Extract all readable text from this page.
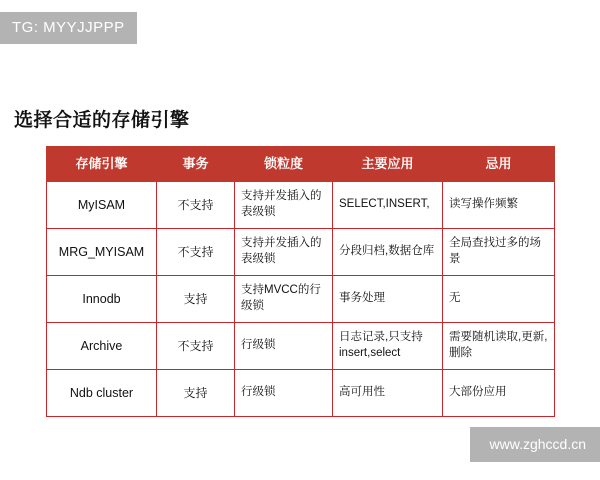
TG: MYYJJPPP
选择合适的存储引擎
存储引擎	事务	锁粒度	主要应用	忌用
MyISAM	不支持	支持并发插入的表级锁	SELECT,INSERT,	读写操作频繁
MRG_MYISAM	不支持	支持并发插入的表级锁	分段归档,数据仓库	全局查找过多的场景
Innodb	支持	支持MVCC的行级锁	事务处理	无
Archive	不支持	行级锁	日志记录,只支持insert,select	需要随机读取,更新,删除
Ndb cluster	支持	行级锁	高可用性	大部份应用
www.zghccd.cn
